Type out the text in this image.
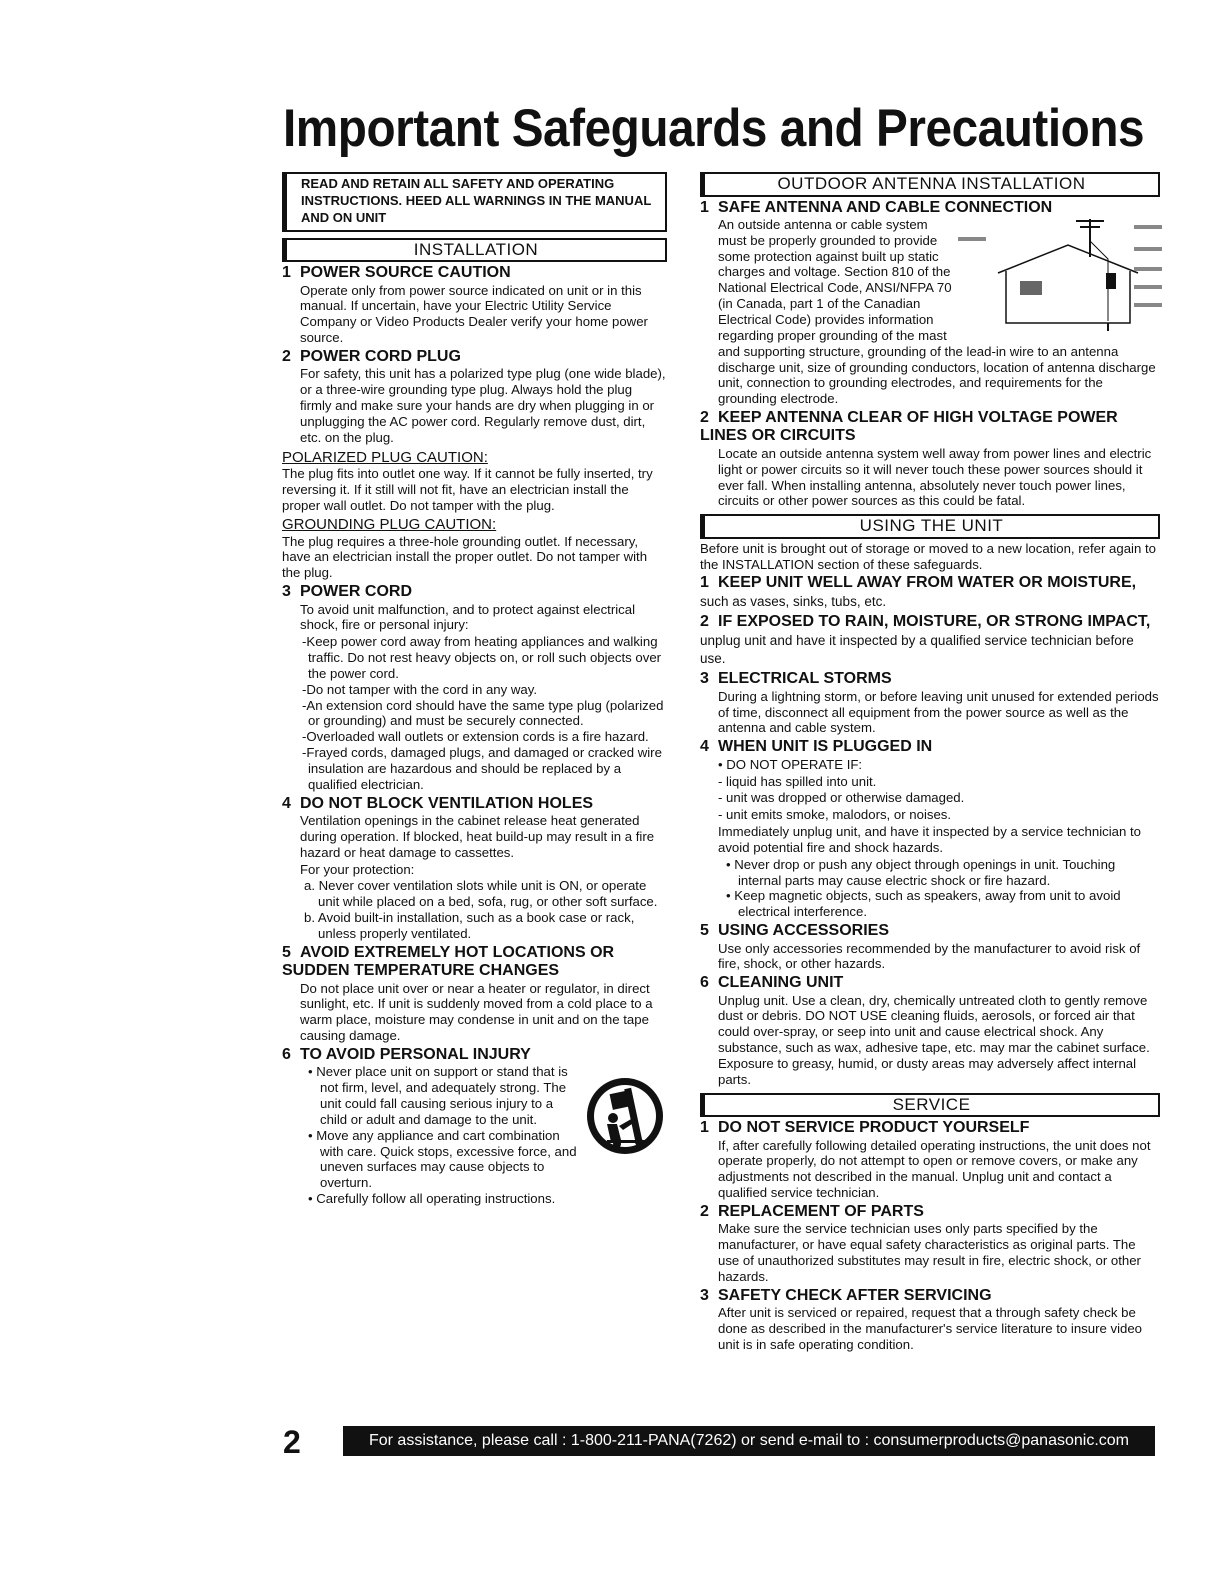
Important Safeguards and Precautions
READ AND RETAIN ALL SAFETY AND OPERATING INSTRUCTIONS. HEED ALL WARNINGS IN THE MANUAL AND ON UNIT
INSTALLATION
1 POWER SOURCE CAUTION
Operate only from power source indicated on unit or in this manual. If uncertain, have your Electric Utility Service Company or Video Products Dealer verify your home power source.
2 POWER CORD PLUG
For safety, this unit has a polarized type plug (one wide blade), or a three-wire grounding type plug. Always hold the plug firmly and make sure your hands are dry when plugging in or unplugging the AC power cord. Regularly remove dust, dirt, etc. on the plug.
POLARIZED PLUG CAUTION:
The plug fits into outlet one way. If it cannot be fully inserted, try reversing it. If it still will not fit, have an electrician install the proper wall outlet. Do not tamper with the plug.
GROUNDING PLUG CAUTION:
The plug requires a three-hole grounding outlet. If necessary, have an electrician install the proper outlet. Do not tamper with the plug.
3 POWER CORD
To avoid unit malfunction, and to protect against electrical shock, fire or personal injury:
-Keep power cord away from heating appliances and walking traffic. Do not rest heavy objects on, or roll such objects over the power cord.
-Do not tamper with the cord in any way.
-An extension cord should have the same type plug (polarized or grounding) and must be securely connected.
-Overloaded wall outlets or extension cords is a fire hazard.
-Frayed cords, damaged plugs, and damaged or cracked wire insulation are hazardous and should be replaced by a qualified electrician.
4 DO NOT BLOCK VENTILATION HOLES
Ventilation openings in the cabinet release heat generated during operation. If blocked, heat build-up may result in a fire hazard or heat damage to cassettes.
For your protection:
a. Never cover ventilation slots while unit is ON, or operate unit while placed on a bed, sofa, rug, or other soft surface.
b. Avoid built-in installation, such as a book case or rack, unless properly ventilated.
5 AVOID EXTREMELY HOT LOCATIONS OR SUDDEN TEMPERATURE CHANGES
Do not place unit over or near a heater or regulator, in direct sunlight, etc. If unit is suddenly moved from a cold place to a warm place, moisture may condense in unit and on the tape causing damage.
6 TO AVOID PERSONAL INJURY
• Never place unit on support or stand that is not firm, level, and adequately strong. The unit could fall causing serious injury to a child or adult and damage to the unit.
• Move any appliance and cart combination with care. Quick stops, excessive force, and uneven surfaces may cause objects to overturn.
• Carefully follow all operating instructions.
OUTDOOR ANTENNA INSTALLATION
1 SAFE ANTENNA AND CABLE CONNECTION
An outside antenna or cable system must be properly grounded to provide some protection against built up static charges and voltage. Section 810 of the National Electrical Code, ANSI/NFPA 70 (in Canada, part 1 of the Canadian Electrical Code) provides information regarding proper grounding of the mast and supporting structure, grounding of the lead-in wire to an antenna discharge unit, size of grounding conductors, location of antenna discharge unit, connection to grounding electrodes, and requirements for the grounding electrode.
2 KEEP ANTENNA CLEAR OF HIGH VOLTAGE POWER LINES OR CIRCUITS
Locate an outside antenna system well away from power lines and electric light or power circuits so it will never touch these power sources should it ever fall. When installing antenna, absolutely never touch power lines, circuits or other power sources as this could be fatal.
USING THE UNIT
Before unit is brought out of storage or moved to a new location, refer again to the INSTALLATION section of these safeguards.
1 KEEP UNIT WELL AWAY FROM WATER OR MOISTURE, such as vases, sinks, tubs, etc.
2 IF EXPOSED TO RAIN, MOISTURE, OR STRONG IMPACT, unplug unit and have it inspected by a qualified service technician before use.
3 ELECTRICAL STORMS
During a lightning storm, or before leaving unit unused for extended periods of time, disconnect all equipment from the power source as well as the antenna and cable system.
4 WHEN UNIT IS PLUGGED IN
• DO NOT OPERATE IF:
- liquid has spilled into unit.
- unit was dropped or otherwise damaged.
- unit emits smoke, malodors, or noises.
Immediately unplug unit, and have it inspected by a service technician to avoid potential fire and shock hazards.
• Never drop or push any object through openings in unit. Touching internal parts may cause electric shock or fire hazard.
• Keep magnetic objects, such as speakers, away from unit to avoid electrical interference.
5 USING ACCESSORIES
Use only accessories recommended by the manufacturer to avoid risk of fire, shock, or other hazards.
6 CLEANING UNIT
Unplug unit. Use a clean, dry, chemically untreated cloth to gently remove dust or debris. DO NOT USE cleaning fluids, aerosols, or forced air that could over-spray, or seep into unit and cause electrical shock. Any substance, such as wax, adhesive tape, etc. may mar the cabinet surface. Exposure to greasy, humid, or dusty areas may adversely affect internal parts.
SERVICE
1 DO NOT SERVICE PRODUCT YOURSELF
If, after carefully following detailed operating instructions, the unit does not operate properly, do not attempt to open or remove covers, or make any adjustments not described in the manual. Unplug unit and contact a qualified service technician.
2 REPLACEMENT OF PARTS
Make sure the service technician uses only parts specified by the manufacturer, or have equal safety characteristics as original parts. The use of unauthorized substitutes may result in fire, electric shock, or other hazards.
3 SAFETY CHECK AFTER SERVICING
After unit is serviced or repaired, request that a through safety check be done as described in the manufacturer's service literature to insure video unit is in safe operating condition.
2	For assistance, please call : 1-800-211-PANA(7262) or send e-mail to : consumerproducts@panasonic.com
